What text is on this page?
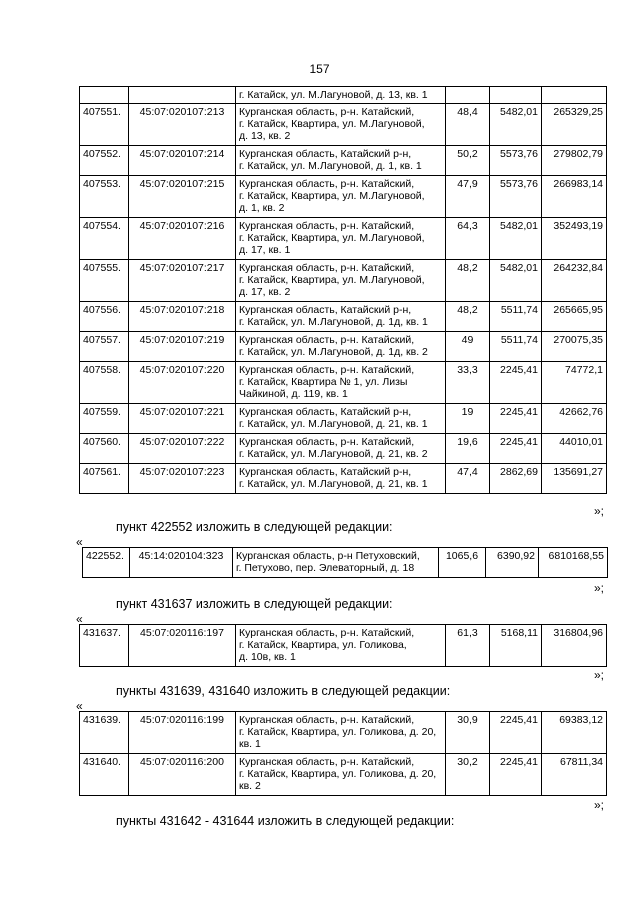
157
		г. Катайск, ул. М.Лагуновой, д. 13, кв. 1			
407551.	45:07:020107:213	Курганская область, р-н. Катайский,
г. Катайск, Квартира, ул. М.Лагуновой,
д. 13, кв. 2	48,4	5482,01	265329,25
407552.	45:07:020107:214	Курганская область, Катайский р-н,
г. Катайск, ул. М.Лагуновой, д. 1, кв. 1	50,2	5573,76	279802,79
407553.	45:07:020107:215	Курганская область, р-н. Катайский,
г. Катайск, Квартира, ул. М.Лагуновой,
д. 1, кв. 2	47,9	5573,76	266983,14
407554.	45:07:020107:216	Курганская область, р-н. Катайский,
г. Катайск, Квартира, ул. М.Лагуновой,
д. 17, кв. 1	64,3	5482,01	352493,19
407555.	45:07:020107:217	Курганская область, р-н. Катайский,
г. Катайск, Квартира, ул. М.Лагуновой,
д. 17, кв. 2	48,2	5482,01	264232,84
407556.	45:07:020107:218	Курганская область, Катайский р-н,
г. Катайск, ул. М.Лагуновой, д. 1д, кв. 1	48,2	5511,74	265665,95
407557.	45:07:020107:219	Курганская область, р-н. Катайский,
г. Катайск, ул. М.Лагуновой, д. 1д, кв. 2	49	5511,74	270075,35
407558.	45:07:020107:220	Курганская область, р-н. Катайский,
г. Катайск, Квартира № 1, ул. Лизы
Чайкиной, д. 119, кв. 1	33,3	2245,41	74772,1
407559.	45:07:020107:221	Курганская область, Катайский р-н,
г. Катайск, ул. М.Лагуновой, д. 21, кв. 1	19	2245,41	42662,76
407560.	45:07:020107:222	Курганская область, р-н. Катайский,
г. Катайск, ул. М.Лагуновой, д. 21, кв. 2	19,6	2245,41	44010,01
407561.	45:07:020107:223	Курганская область, Катайский р-н,
г. Катайск, ул. М.Лагуновой, д. 21, кв. 1	47,4	2862,69	135691,27
»;
пункт 422552 изложить в следующей редакции:
«
422552.	45:14:020104:323	Курганская область, р-н Петуховский,
г. Петухово, пер. Элеваторный, д. 18	1065,6	6390,92	6810168,55
»;
пункт 431637 изложить в следующей редакции:
«
431637.	45:07:020116:197	Курганская область, р-н. Катайский,
г. Катайск, Квартира, ул. Голикова,
д. 10в, кв. 1	61,3	5168,11	316804,96
»;
пункты 431639, 431640 изложить в следующей редакции:
«
431639.	45:07:020116:199	Курганская область, р-н. Катайский,
г. Катайск, Квартира, ул. Голикова, д. 20,
кв. 1	30,9	2245,41	69383,12
431640.	45:07:020116:200	Курганская область, р-н. Катайский,
г. Катайск, Квартира, ул. Голикова, д. 20,
кв. 2	30,2	2245,41	67811,34
»;
пункты 431642 - 431644 изложить в следующей редакции:
